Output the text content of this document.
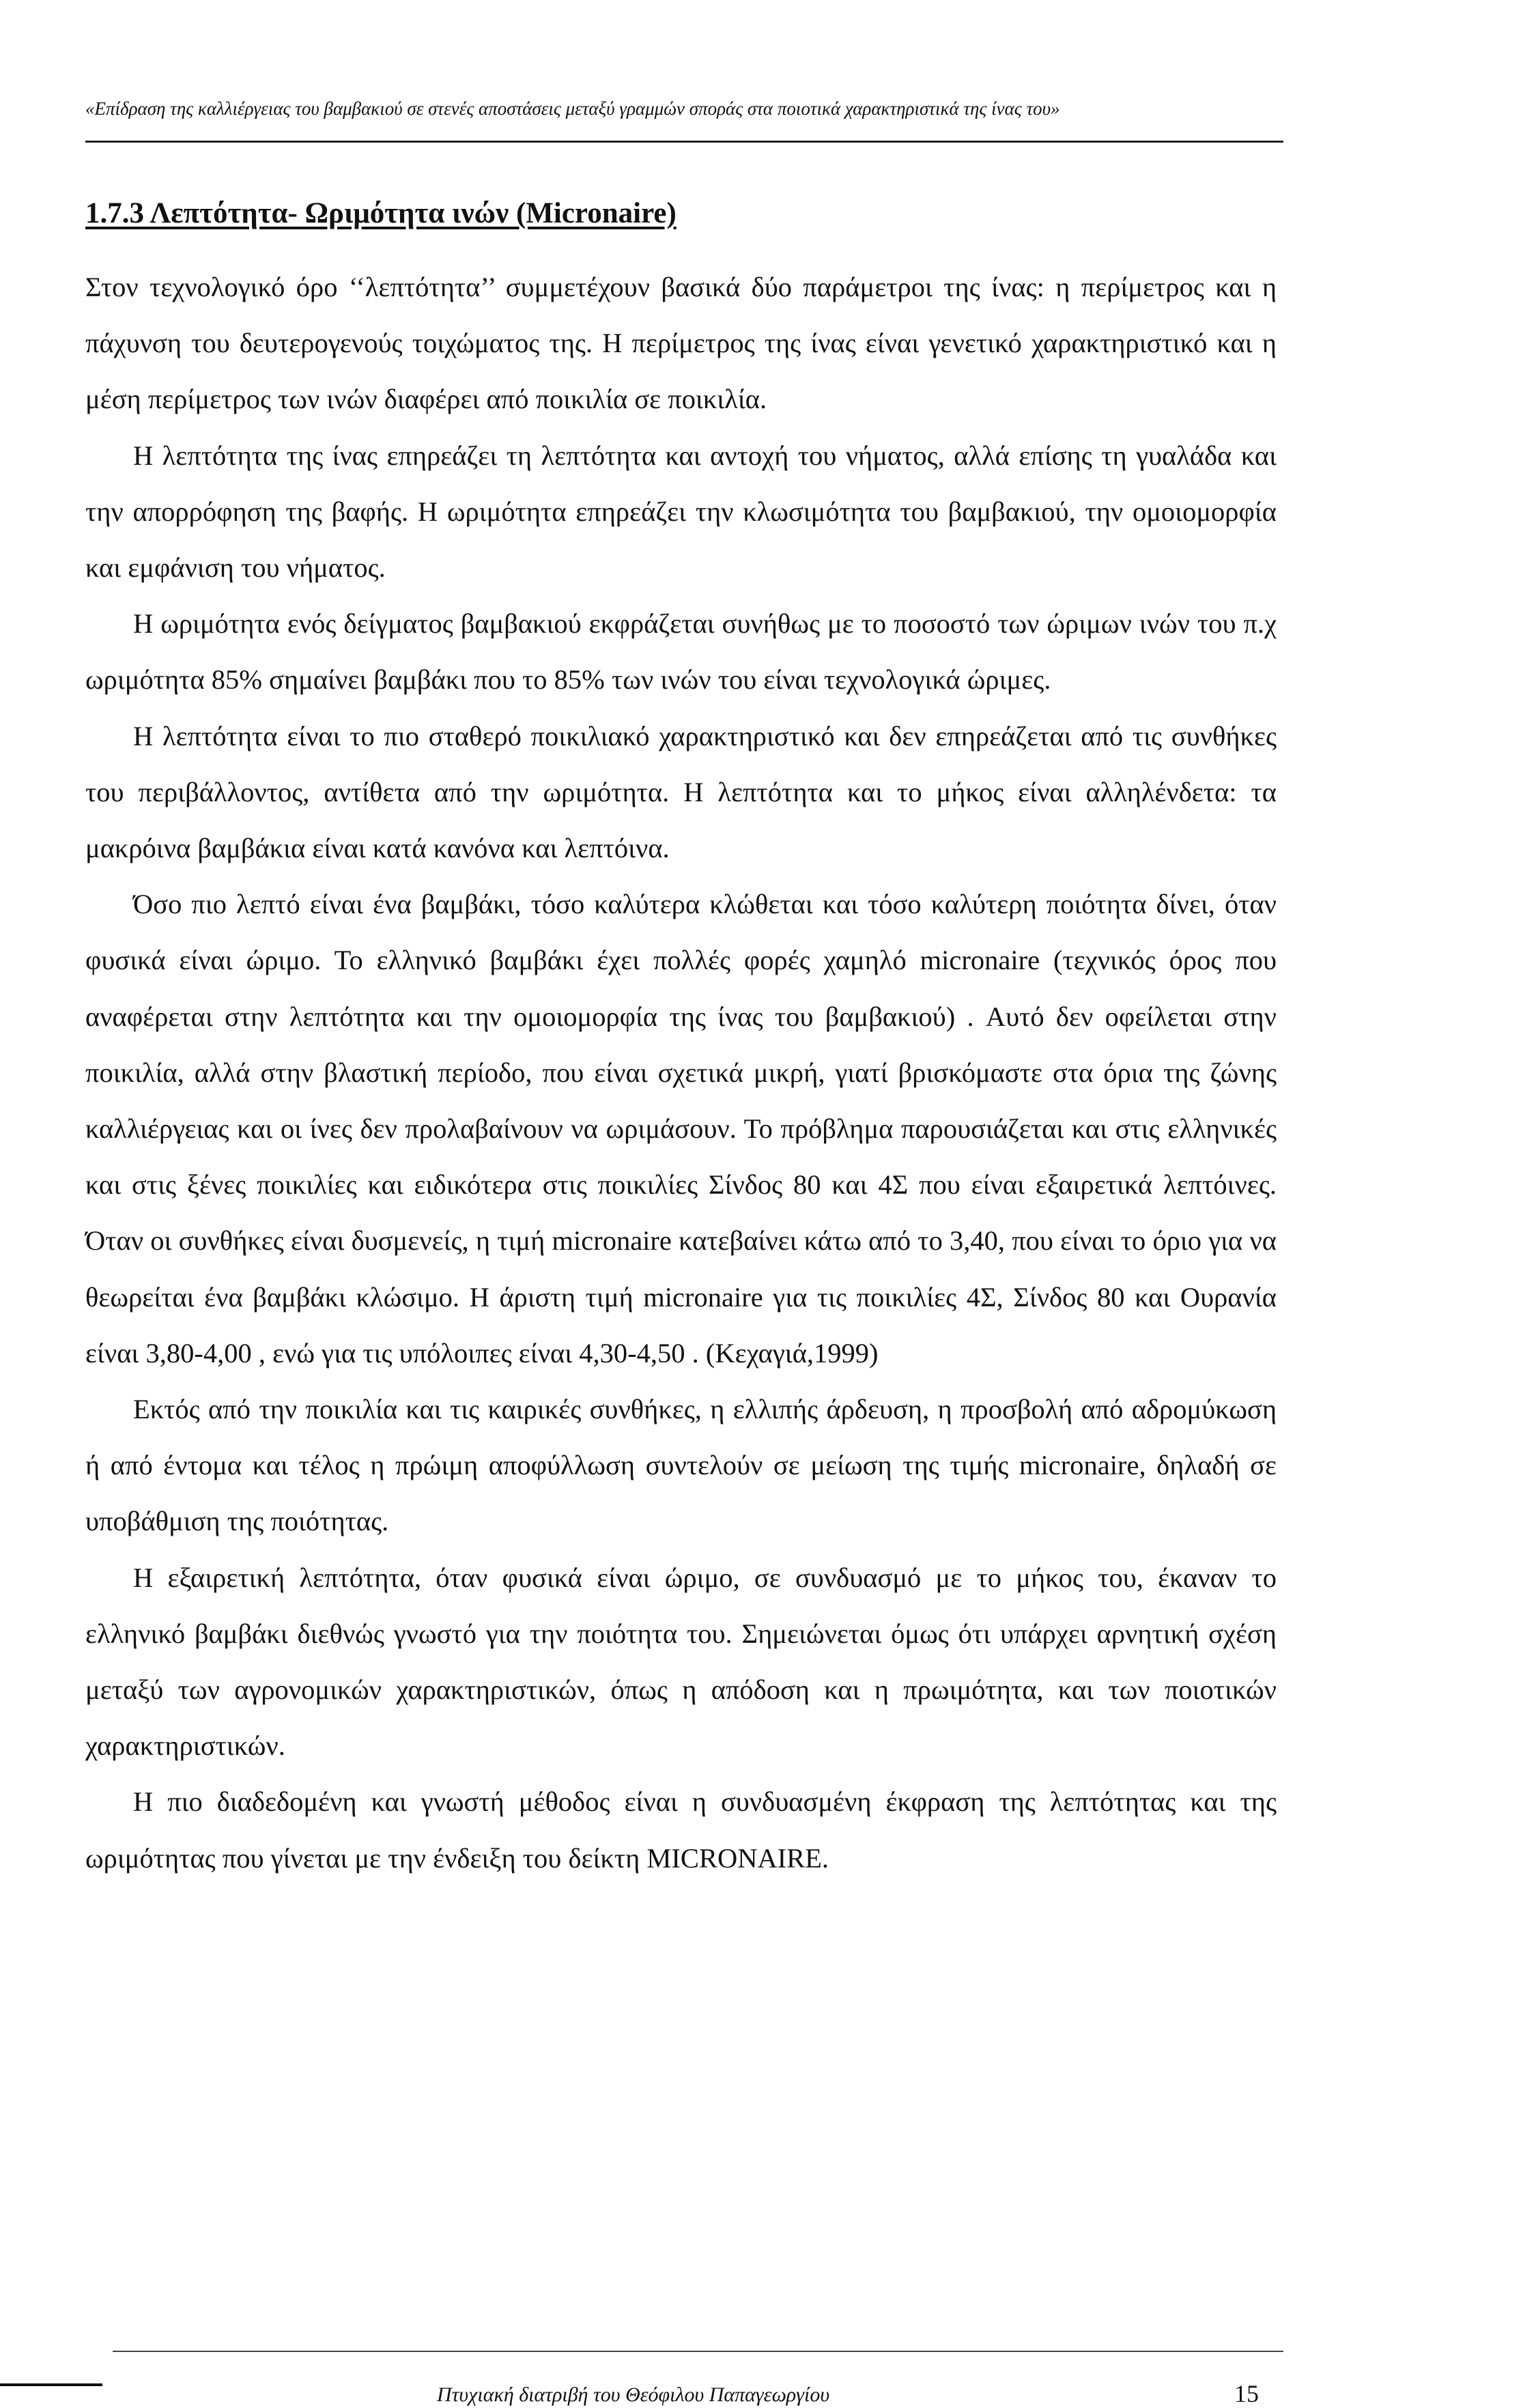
«Επίδραση της καλλιέργειας του βαμβακιού σε στενές αποστάσεις μεταξύ γραμμών σποράς στα ποιοτικά χαρακτηριστικά της ίνας του»
1.7.3 Λεπτότητα- Ωριμότητα ινών (Micronaire)

Στον τεχνολογικό όρο ‘‘λεπτότητα’’ συμμετέχουν βασικά δύο παράμετροι της ίνας: η περίμετρος και η πάχυνση του δευτερογενούς τοιχώματος της. Η περίμετρος της ίνας είναι γενετικό χαρακτηριστικό και η μέση περίμετρος των ινών διαφέρει από ποικιλία σε ποικιλία.

Η λεπτότητα της ίνας επηρεάζει τη λεπτότητα και αντοχή του νήματος, αλλά επίσης τη γυαλάδα και την απορρόφηση της βαφής. Η ωριμότητα επηρεάζει την κλωσιμότητα του βαμβακιού, την ομοιομορφία και εμφάνιση του νήματος.

Η ωριμότητα ενός δείγματος βαμβακιού εκφράζεται συνήθως με το ποσοστό των ώριμων ινών του π.χ ωριμότητα 85% σημαίνει βαμβάκι που το 85% των ινών του είναι τεχνολογικά ώριμες.

Η λεπτότητα είναι το πιο σταθερό ποικιλιακό χαρακτηριστικό και δεν επηρεάζεται από τις συνθήκες του περιβάλλοντος, αντίθετα από την ωριμότητα. Η λεπτότητα και το μήκος είναι αλληλένδετα: τα μακρόινα βαμβάκια είναι κατά κανόνα και λεπτόινα.

Όσο πιο λεπτό είναι ένα βαμβάκι, τόσο καλύτερα κλώθεται και τόσο καλύτερη ποιότητα δίνει, όταν φυσικά είναι ώριμο. Το ελληνικό βαμβάκι έχει πολλές φορές χαμηλό micronaire (τεχνικός όρος που αναφέρεται στην λεπτότητα και την ομοιομορφία της ίνας του βαμβακιού) . Αυτό δεν οφείλεται στην ποικιλία, αλλά στην βλαστική περίοδο, που είναι σχετικά μικρή, γιατί βρισκόμαστε στα όρια της ζώνης καλλιέργειας και οι ίνες δεν προλαβαίνουν να ωριμάσουν. Το πρόβλημα παρουσιάζεται και στις ελληνικές και στις ξένες ποικιλίες και ειδικότερα στις ποικιλίες Σίνδος 80 και 4Σ που είναι εξαιρετικά λεπτόινες. Όταν οι συνθήκες είναι δυσμενείς, η τιμή micronaire κατεβαίνει κάτω από το 3,40, που είναι το όριο για να θεωρείται ένα βαμβάκι κλώσιμο. Η άριστη τιμή micronaire για τις ποικιλίες 4Σ, Σίνδος 80 και Ουρανία είναι 3,80-4,00 , ενώ για τις υπόλοιπες είναι 4,30-4,50 . (Κεχαγιά,1999)

Εκτός από την ποικιλία και τις καιρικές συνθήκες, η ελλιπής άρδευση, η προσβολή από αδρομύκωση ή από έντομα και τέλος η πρώιμη αποφύλλωση συντελούν σε μείωση της τιμής micronaire, δηλαδή σε υποβάθμιση της ποιότητας.

Η εξαιρετική λεπτότητα, όταν φυσικά είναι ώριμο, σε συνδυασμό με το μήκος του, έκαναν το ελληνικό βαμβάκι διεθνώς γνωστό για την ποιότητα του. Σημειώνεται όμως ότι υπάρχει αρνητική σχέση μεταξύ των αγρονομικών χαρακτηριστικών, όπως η απόδοση και η πρωιμότητα, και των ποιοτικών χαρακτηριστικών.

Η πιο διαδεδομένη και γνωστή μέθοδος είναι η συνδυασμένη έκφραση της λεπτότητας και της ωριμότητας που γίνεται με την ένδειξη του δείκτη MICRONAIRE.

Πτυχιακή διατριβή του Θεόφιλου Παπαγεωργίου	15
